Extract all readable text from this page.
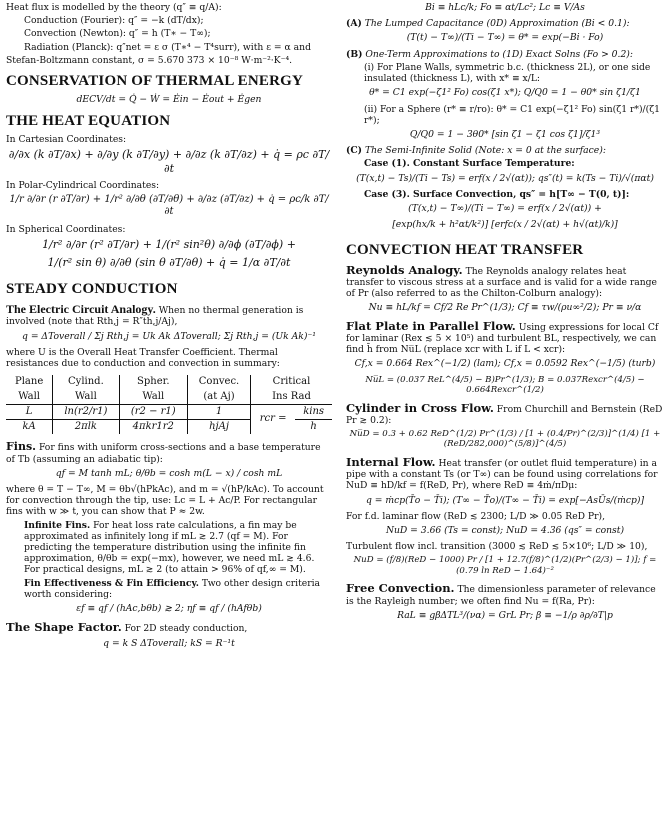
Heat flux is modelled by the theory (q″ ≡ q/A):

Conduction (Fourier): q″ = −k (dT/dx);

Convection (Newton): q″ = h (T∗ − T∞);

Radiation (Planck): q″net = ε σ (T∗⁴ − T⁴surr), with ε = α and

Stefan-Boltzmann constant, σ = 5.670 373 × 10⁻⁸ W·m⁻²·K⁻⁴.

CONSERVATION OF THERMAL ENERGY
dECV/dt = Q̇ − Ẇ = Ėin − Ėout + Ėgen
THE HEAT EQUATION

In Cartesian Coordinates:

∂/∂x (k ∂T/∂x) + ∂/∂y (k ∂T/∂y) + ∂/∂z (k ∂T/∂z) + q̇ = ρc ∂T/∂t

In Polar-Cylindrical Coordinates:

1/r ∂/∂r (r ∂T/∂r) + 1/r² ∂/∂θ (∂T/∂θ) + ∂/∂z (∂T/∂z) + q̇ = ρc/k ∂T/∂t

In Spherical Coordinates:

1/r² ∂/∂r (r² ∂T/∂r) + 1/(r² sin²θ) ∂/∂ϕ (∂T/∂ϕ) +
1/(r² sin θ) ∂/∂θ (sin θ ∂T/∂θ) + q̇ = 1/α ∂T/∂t
STEADY CONDUCTION

The Electric Circuit Analogy. When no thermal generation is involved (note that Rth,j = R″th,j/Aj),

q = ΔToverall / Σj Rth,j = Uk Ak ΔToverall; Σj Rth,j = (Uk Ak)⁻¹

where U is the Overall Heat Transfer Coefficient. Thermal resistances due to conduction and convection in summary:

Plane	Cylind.	Spher.	Convec.	Critical	
Wall	Wall	Wall	(at Aj)	Ins Rad	
L	ln(r2/r1)	(r2 − r1)	1	rcr =	kins
kA	2πlk	4πkr1r2	hjAj		h

Fins. For fins with uniform cross-sections and a base temperature of Tb (assuming an adiabatic tip):

qf = M tanh mL; θ/θb = cosh m(L − x) / cosh mL

where θ = T − T∞, M = θb√(hPkAc), and m = √(hP/kAc). To account for convection through the tip, use: Lc = L + Ac/P. For rectangular fins with w ≫ t, you can show that P ≈ 2w.

Infinite Fins. For heat loss rate calculations, a fin may be approximated as infinitely long if mL ≳ 2.7 (qf = M). For predicting the temperature distribution using the infinite fin approximation, θ/θb = exp(−mx), however, we need mL ≳ 4.6. For practical designs, mL ≳ 2 (to attain > 96% of qf,∞ = M).

Fin Effectiveness & Fin Efficiency. Two other design criteria worth considering:

εf ≡ qf / (hAc,bθb) ≳ 2; ηf ≡ qf / (hAfθb)

The Shape Factor. For 2D steady conduction,

q = k S ΔToverall; kS = R⁻¹t
Bi ≡ hLc/k; Fo ≡ αt/Lc²; Lc ≡ V/As

(A) The Lumped Capacitance (0D) Approximation (Bi < 0.1):

(T(t) − T∞)/(Ti − T∞) = θ* = exp(−Bi · Fo)

(B) One-Term Approximations to (1D) Exact Solns (Fo > 0.2):

(i) For Plane Walls, symmetric b.c. (thickness 2L), or one side insulated (thickness L), with x* ≡ x/L:

θ* = C1 exp(−ζ1² Fo) cos(ζ1 x*); Q/Q0 = 1 − θ0* sin ζ1/ζ1

(ii) For a Sphere (r* ≡ r/ro): θ* = C1 exp(−ζ1² Fo) sin(ζ1 r*)/(ζ1 r*);

Q/Q0 = 1 − 3θ0* [sin ζ1 − ζ1 cos ζ1]/ζ1³

(C) The Semi-Infinite Solid (Note: x = 0 at the surface):

Case (1). Constant Surface Temperature:

(T(x,t) − Ts)/(Ti − Ts) = erf(x / 2√(αt)); qs″(t) = k(Ts − Ti)/√(παt)

Case (3). Surface Convection, qs″ = h[T∞ − T(0, t)]:

(T(x,t) − T∞)/(Ti − T∞) = erf(x / 2√(αt)) +
[exp(hx/k + h²αt/k²)] [erfc(x / 2√(αt) + h√(αt)/k)]
CONVECTION HEAT TRANSFER

Reynolds Analogy. The Reynolds analogy relates heat transfer to viscous stress at a surface and is valid for a wide range of Pr (also referred to as the Chilton-Colburn analogy):

Nu ≡ hL/kf = Cf/2 Re Pr^(1/3); Cf ≡ τw/(ρu∞²/2); Pr ≡ ν/α

Flat Plate in Parallel Flow. Using expressions for local Cf for laminar (Rex ≲ 5 × 10⁵) and turbulent BL, respectively, we can find h̄ from Nu̅L (replace xcr with L if L < xcr):

Cf,x = 0.664 Rex^(−1/2) (lam); Cf,x = 0.0592 Rex^(−1/5) (turb)
Nu̅L = (0.037 ReL^(4/5) − B)Pr^(1/3); B = 0.037Rexcr^(4/5) − 0.664Rexcr^(1/2)

Cylinder in Cross Flow. From Churchill and Bernstein (ReD Pr ≳ 0.2):

Nu̅D = 0.3 + 0.62 ReD^(1/2) Pr^(1/3) / [1 + (0.4/Pr)^(2/3)]^(1/4) [1 + (ReD/282,000)^(5/8)]^(4/5)

Internal Flow. Heat transfer (or outlet fluid temperature) in a pipe with a constant Ts (or T∞) can be found using correlations for NuD ≡ hD/kf = f(ReD, Pr), where ReD ≡ 4ṁ/πDμ:

q = ṁcp(T̄o − T̄i); (T∞ − T̄o)/(T∞ − T̄i) = exp[−AsŪs/(ṁcp)]

For f.d. laminar flow (ReD ≲ 2300; L/D ≫ 0.05 ReD Pr),

NuD = 3.66 (Ts = const); NuD = 4.36 (qs″ = const)

Turbulent flow incl. transition (3000 ≲ ReD ≲ 5×10⁶; L/D ≫ 10),

NuD = (f/8)(ReD − 1000) Pr / [1 + 12.7(f/8)^(1/2)(Pr^(2/3) − 1)]; f = (0.79 ln ReD − 1.64)⁻²

Free Convection. The dimensionless parameter of relevance is the Rayleigh number; we often find Nu = f(Ra, Pr):

RaL ≡ gβΔTL³/(να) = GrL Pr; β ≡ −1/ρ ∂ρ/∂T|p
